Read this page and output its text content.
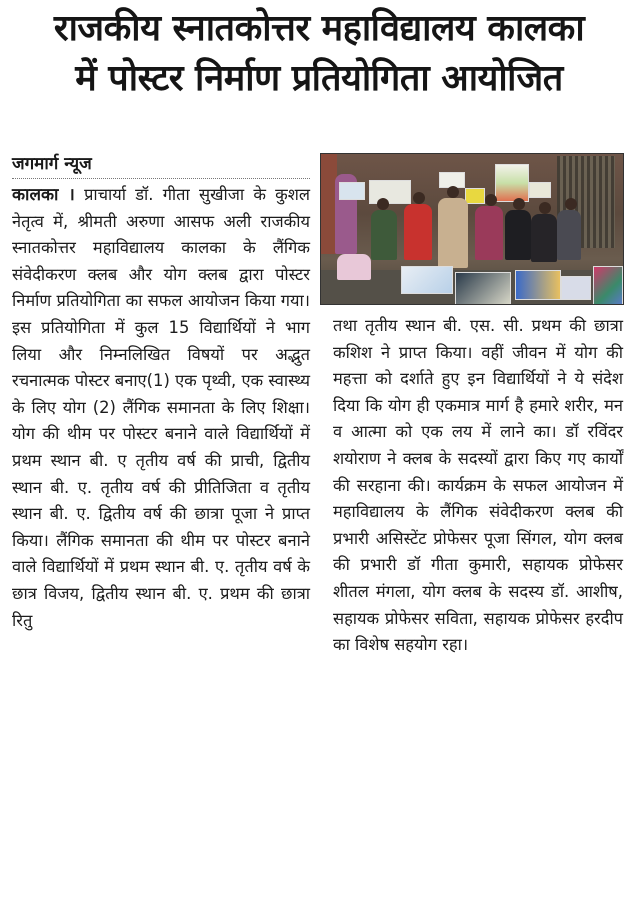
राजकीय स्नातकोत्तर महाविद्यालय कालका
में पोस्टर निर्माण प्रतियोगिता आयोजित
जगमार्ग न्यूज

कालका । प्राचार्या डॉ. गीता सुखीजा के कुशल नेतृत्व में, श्रीमती अरुणा आसफ अली राजकीय स्नातकोत्तर महाविद्यालय कालका के लैंगिक संवेदीकरण क्लब और योग क्लब द्वारा पोस्टर निर्माण प्रतियोगिता का सफल आयोजन किया गया। इस प्रतियोगिता में कुल 15 विद्यार्थियों ने भाग लिया और निम्नलिखित विषयों पर अद्भुत रचनात्मक पोस्टर बनाए(1) एक पृथ्वी, एक स्वास्थ्य के लिए योग (2) लैंगिक समानता के लिए शिक्षा। योग की थीम पर पोस्टर बनाने वाले विद्यार्थियों में प्रथम स्थान बी. ए तृतीय वर्ष की प्राची, द्वितीय स्थान बी. ए. तृतीय वर्ष की प्रीतिजिता व तृतीय स्थान बी. ए. द्वितीय वर्ष की छात्रा पूजा ने प्राप्त किया। लैंगिक समानता की थीम पर पोस्टर बनाने वाले विद्यार्थियों में प्रथम स्थान बी. ए. तृतीय वर्ष के छात्र विजय, द्वितीय स्थान बी. ए. प्रथम की छात्रा रितु

तथा तृतीय स्थान बी. एस. सी. प्रथम की छात्रा कशिश ने प्राप्त किया। वहीं जीवन में योग की महत्ता को दर्शाते हुए इन विद्यार्थियों ने ये संदेश दिया कि योग ही एकमात्र मार्ग है हमारे शरीर, मन व आत्मा को एक लय में लाने का। डॉ रविंदर शयोराण ने क्लब के सदस्यों द्वारा किए गए कार्यों की सरहाना की। कार्यक्रम के सफल आयोजन में महाविद्यालय के लैंगिक संवेदीकरण क्लब की प्रभारी असिस्टेंट प्रोफेसर पूजा सिंगल, योग क्लब की प्रभारी डॉ गीता कुमारी, सहायक प्रोफेसर शीतल मंगला, योग क्लब के सदस्य डॉ. आशीष, सहायक प्रोफेसर सविता, सहायक प्रोफेसर हरदीप का विशेष सहयोग रहा।
